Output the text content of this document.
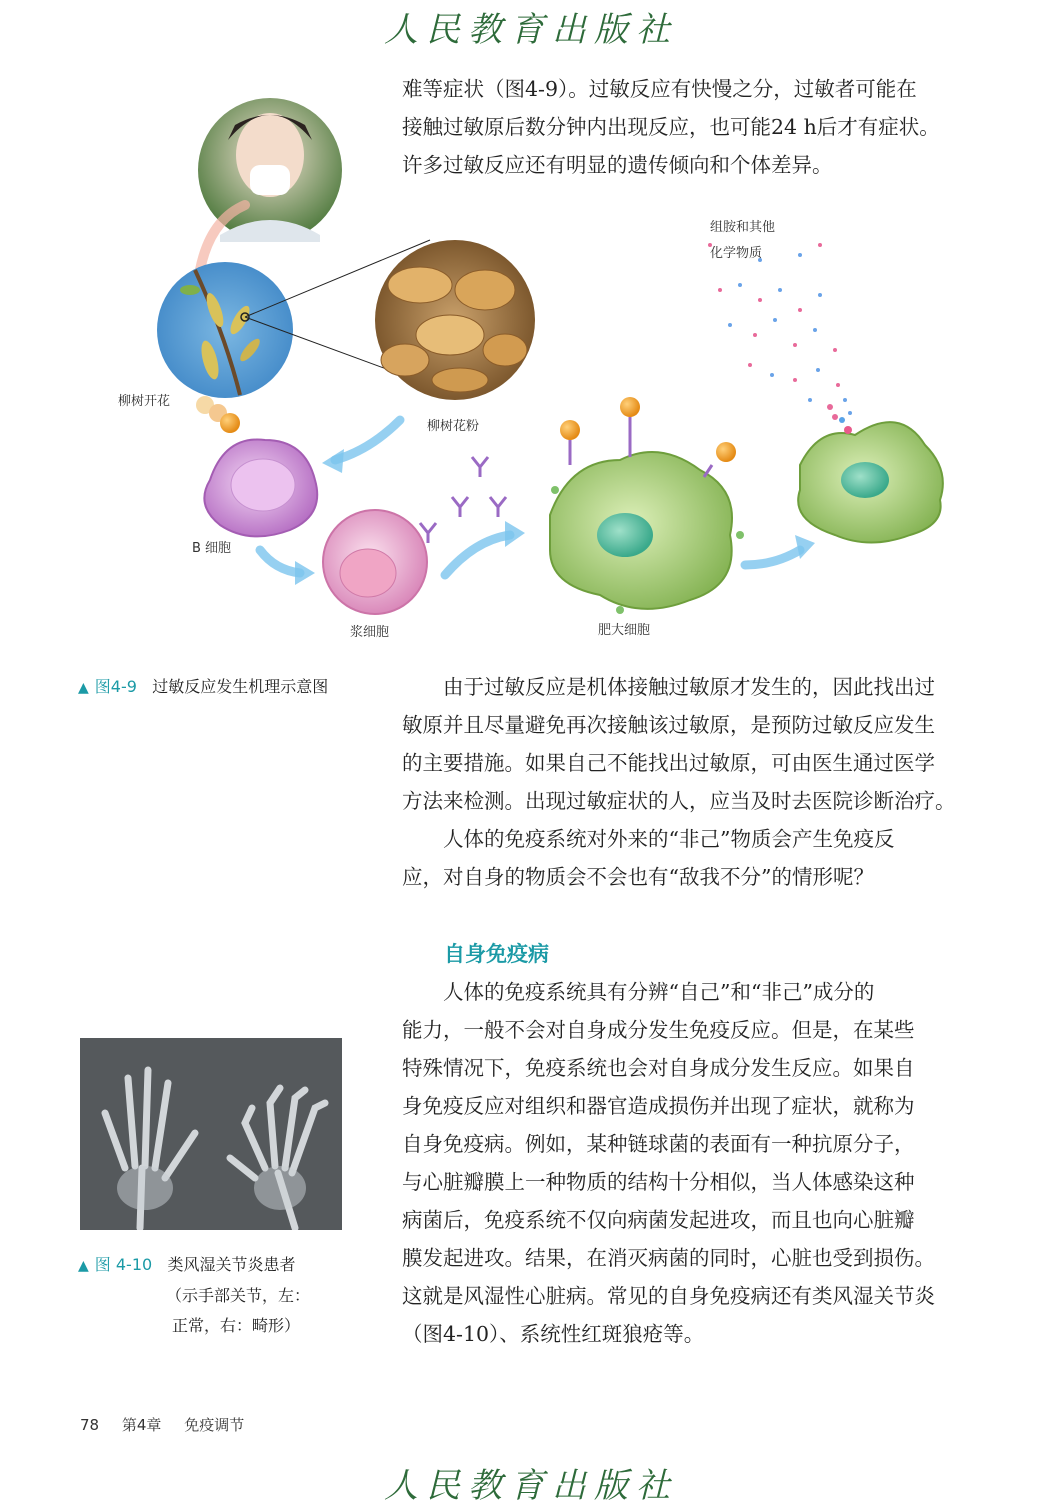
人民教育出版社

难等症状（图4-9）。过敏反应有快慢之分，过敏者可能在
接触过敏原后数分钟内出现反应，也可能24 h后才有症状。
许多过敏反应还有明显的遗传倾向和个体差异。

柳树开花
柳树花粉
B 细胞
浆细胞	肥大细胞
组胺和其他
化学物质
▲ 图4-9 过敏反应发生机理示意图	由于过敏反应是机体接触过敏原才发生的，因此找出过
敏原并且尽量避免再次接触该过敏原，是预防过敏反应发生
的主要措施。如果自己不能找出过敏原，可由医生通过医学
方法来检测。出现过敏症状的人，应当及时去医院诊断治疗。

人体的免疫系统对外来的“非己”物质会产生免疫反
应，对自身的物质会不会也有“敌我不分”的情形呢？

自身免疫病

人体的免疫系统具有分辨“自己”和“非己”成分的
能力，一般不会对自身成分发生免疫反应。但是，在某些
特殊情况下，免疫系统也会对自身成分发生反应。如果自
身免疫反应对组织和器官造成损伤并出现了症状，就称为
自身免疫病。例如，某种链球菌的表面有一种抗原分子，
与心脏瓣膜上一种物质的结构十分相似，当人体感染这种
病菌后，免疫系统不仅向病菌发起进攻，而且也向心脏瓣
膜发起进攻。结果，在消灭病菌的同时，心脏也受到损伤。
这就是风湿性心脏病。常见的自身免疫病还有类风湿关节炎
（图4-10）、系统性红斑狼疮等。

▲ 图 4-10 类风湿关节炎患者
（示手部关节，左：
正常，右：畸形）
78 第4章 免疫调节
人民教育出版社
